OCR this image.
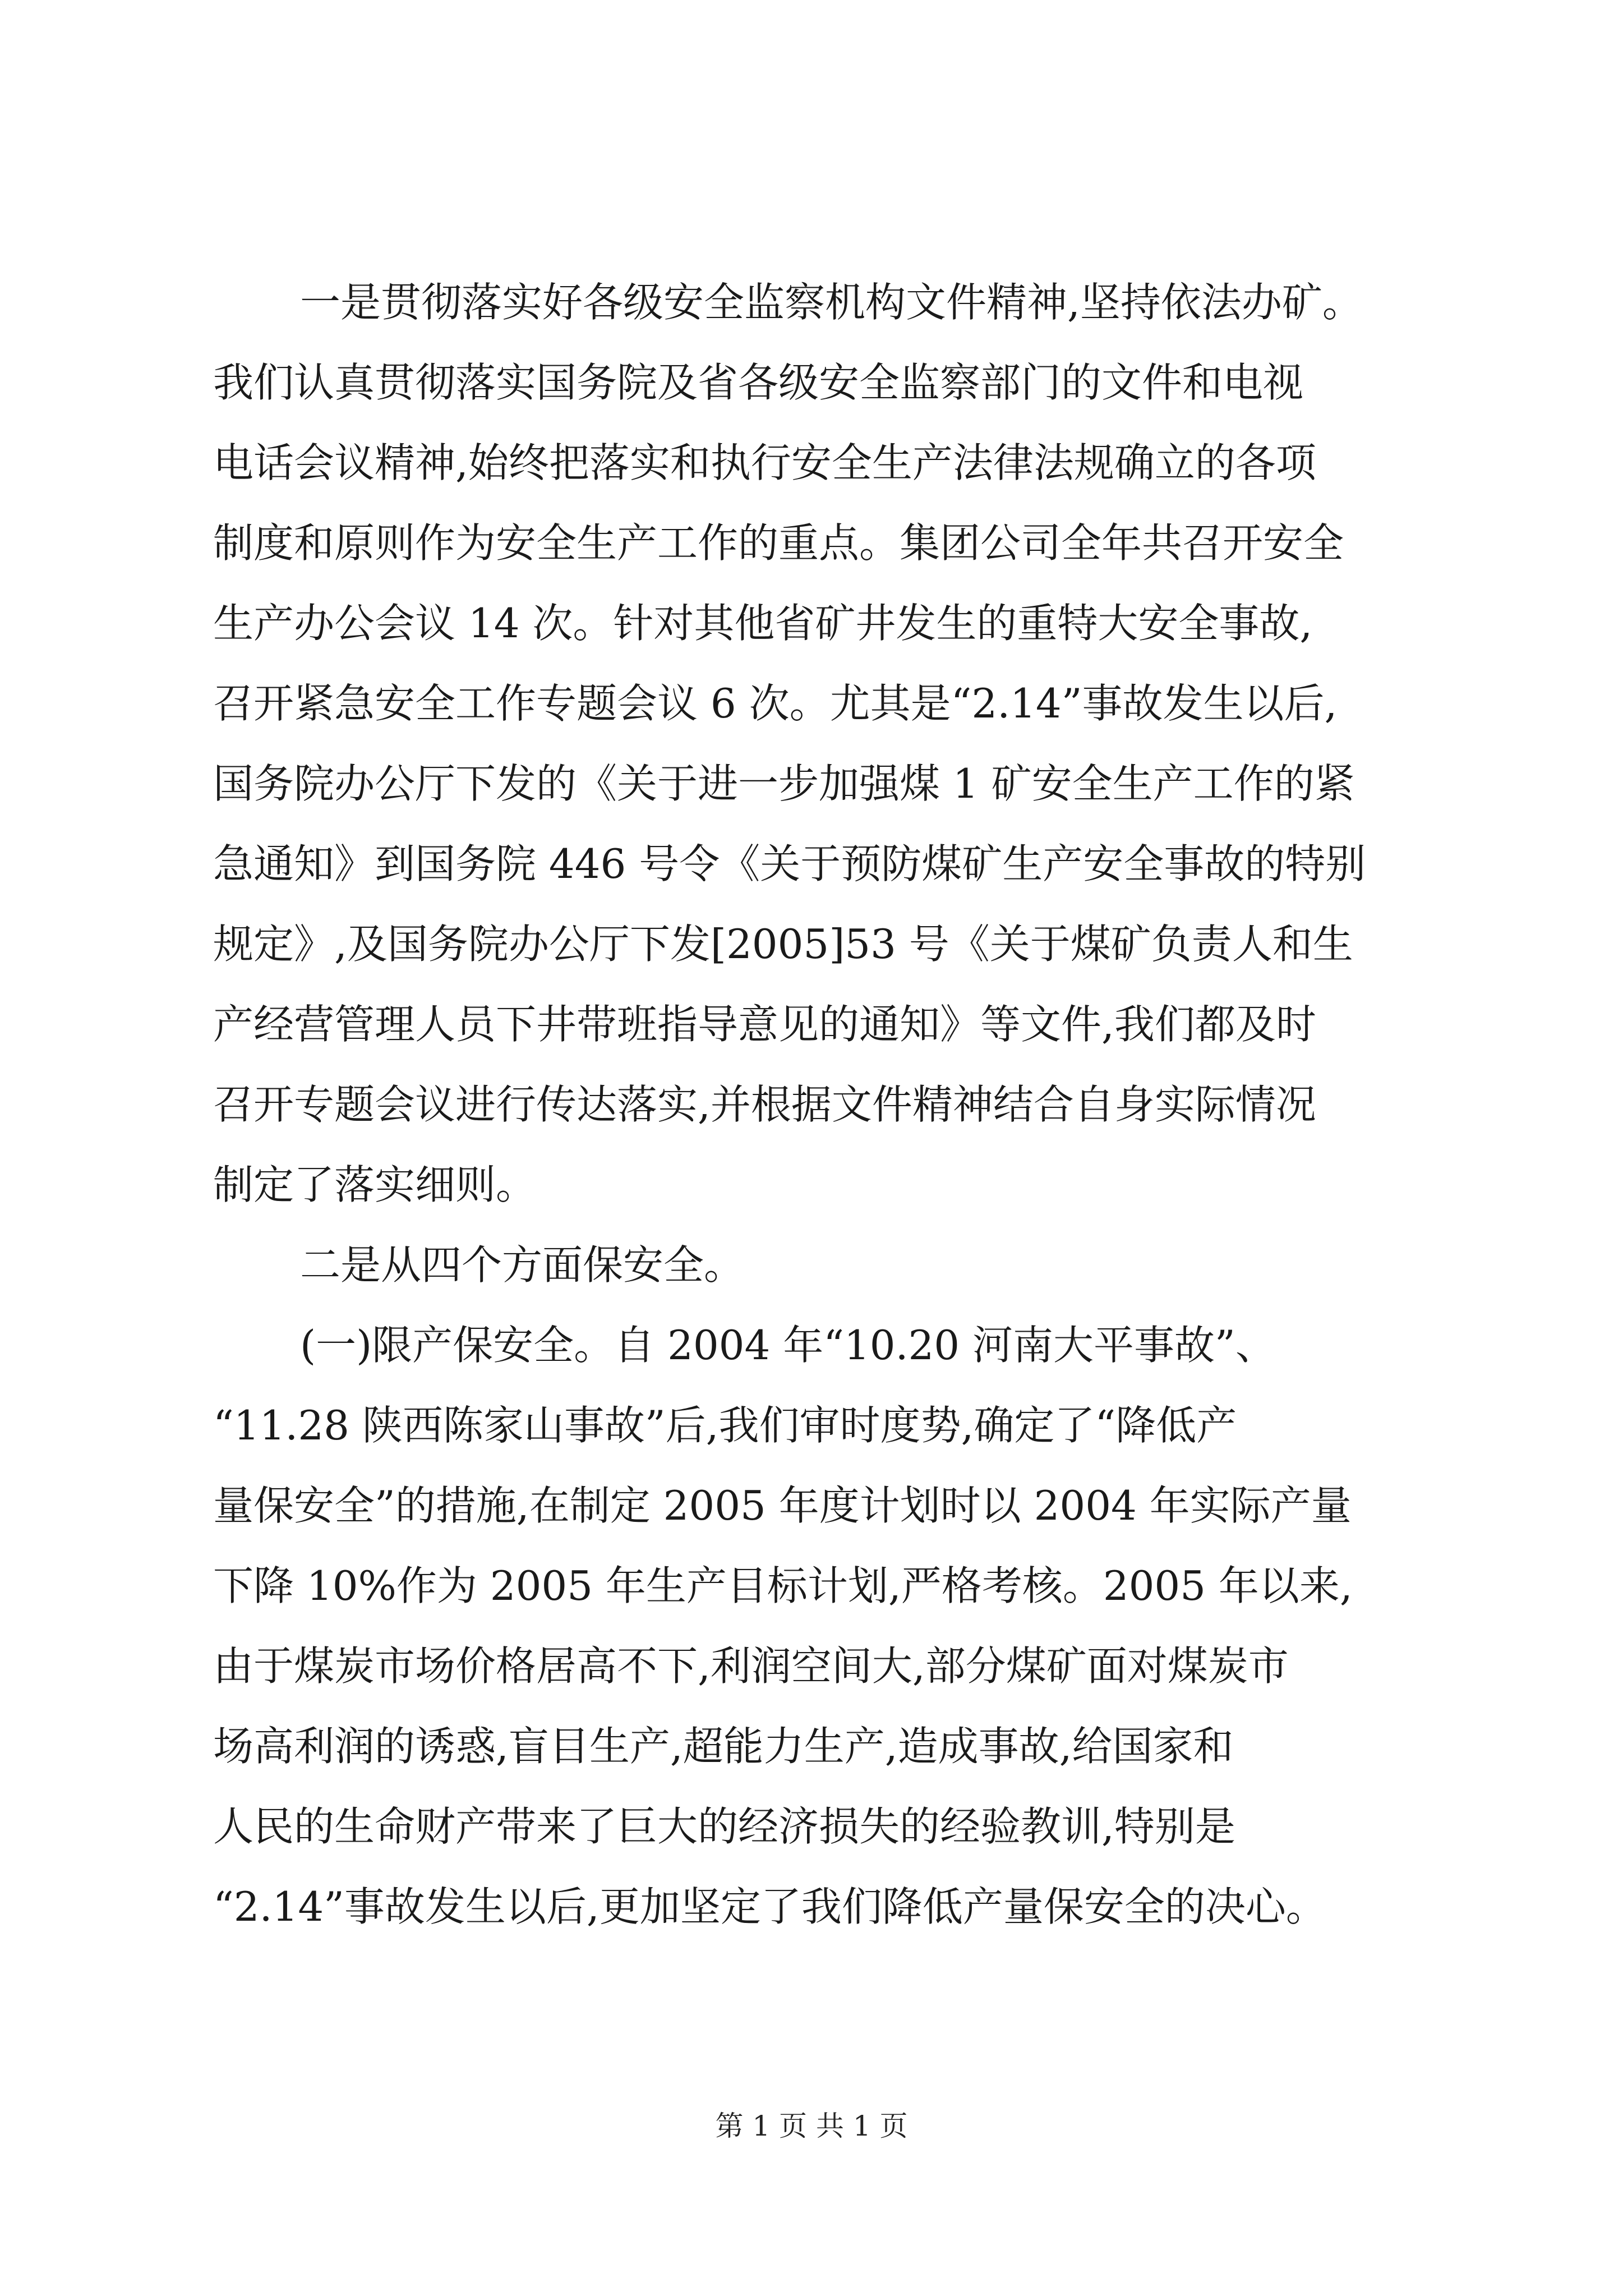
一是贯彻落实好各级安全监察机构文件精神,坚持依法办矿。
我们认真贯彻落实国务院及省各级安全监察部门的文件和电视
电话会议精神,始终把落实和执行安全生产法律法规确立的各项
制度和原则作为安全生产工作的重点。集团公司全年共召开安全
生产办公会议 14 次。针对其他省矿井发生的重特大安全事故,
召开紧急安全工作专题会议 6 次。尤其是“2.14”事故发生以后,
国务院办公厅下发的《关于进一步加强煤 1 矿安全生产工作的紧
急通知》到国务院 446 号令《关于预防煤矿生产安全事故的特别
规定》,及国务院办公厅下发[2005]53 号《关于煤矿负责人和生
产经营管理人员下井带班指导意见的通知》等文件,我们都及时
召开专题会议进行传达落实,并根据文件精神结合自身实际情况
制定了落实细则。
二是从四个方面保安全。
(一)限产保安全。自 2004 年“10.20 河南大平事故”、
“11.28 陕西陈家山事故”后,我们审时度势,确定了“降低产
量保安全”的措施,在制定 2005 年度计划时以 2004 年实际产量
下降 10%作为 2005 年生产目标计划,严格考核。2005 年以来,
由于煤炭市场价格居高不下,利润空间大,部分煤矿面对煤炭市
场高利润的诱惑,盲目生产,超能力生产,造成事故,给国家和
人民的生命财产带来了巨大的经济损失的经验教训,特别是
“2.14”事故发生以后,更加坚定了我们降低产量保安全的决心。
第 1 页 共 1 页
